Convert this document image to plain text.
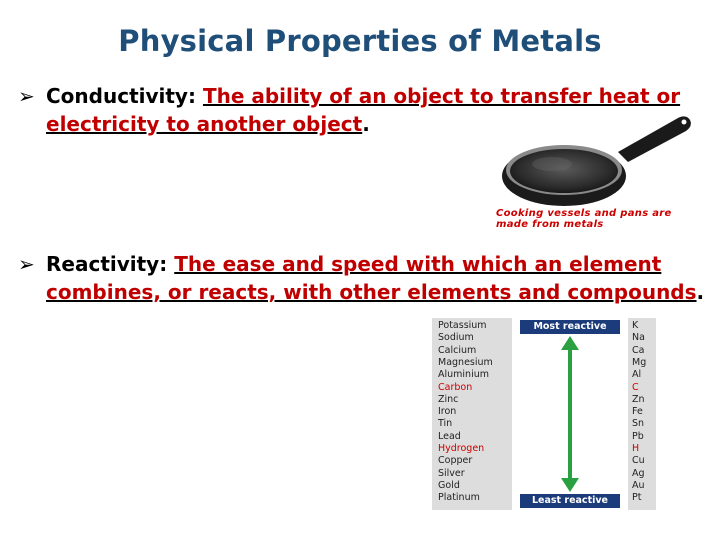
Physical Properties of Metals
➢ Conductivity: The ability of an object to transfer heat or electricity to another object.
➢ Reactivity: The ease and speed with which an element combines, or reacts, with other elements and compounds.
Cooking vessels and pans are made from metals
Potassium
Sodium
Calcium
Magnesium
Aluminium
Carbon
Zinc
Iron
Tin
Lead
Hydrogen
Copper
Silver
Gold
Platinum
Most reactive
Least reactive
K
Na
Ca
Mg
Al
C
Zn
Fe
Sn
Pb
H
Cu
Ag
Au
Pt
